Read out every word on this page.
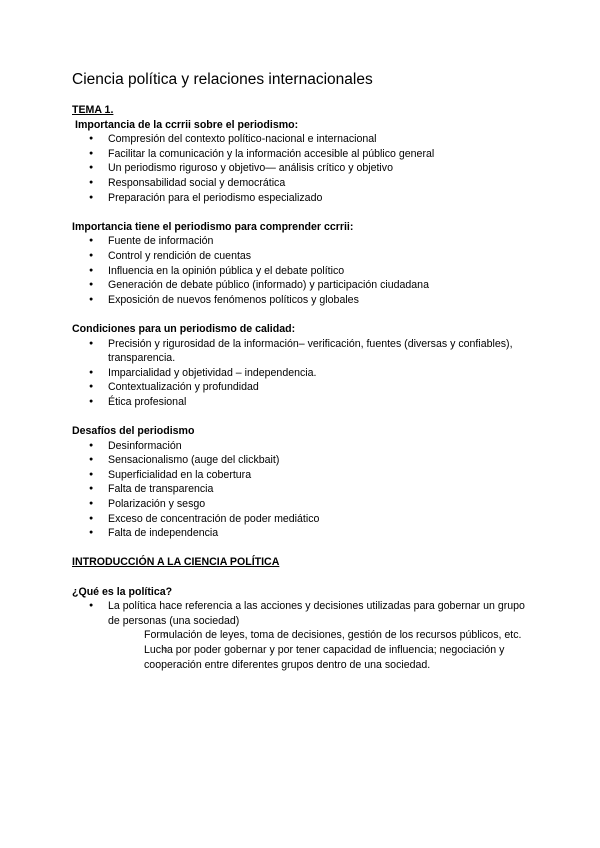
Ciencia política y relaciones internacionales

TEMA 1.

Importancia de la ccrrii sobre el periodismo:

● Compresión del contexto político-nacional e internacional
● Facilitar la comunicación y la información accesible al público general
● Un periodismo riguroso y objetivo— análisis crítico y objetivo
● Responsabilidad social y democrática
● Preparación para el periodismo especializado

Importancia tiene el periodismo para comprender ccrrii:

● Fuente de información
● Control y rendición de cuentas
● Influencia en la opinión pública y el debate político
● Generación de debate público (informado) y participación ciudadana
● Exposición de nuevos fenómenos políticos y globales

Condiciones para un periodismo de calidad:

● Precisión y rigurosidad de la información– verificación, fuentes (diversas y confiables), transparencia.
● Imparcialidad y objetividad – independencia.
● Contextualización y profundidad
● Ética profesional

Desafíos del periodismo

● Desinformación
● Sensacionalismo (auge del clickbait)
● Superficialidad en la cobertura
● Falta de transparencia
● Polarización y sesgo
● Exceso de concentración de poder mediático
● Falta de independencia

INTRODUCCIÓN A LA CIENCIA POLÍTICA

¿Qué es la política?

● La política hace referencia a las acciones y decisiones utilizadas para gobernar un grupo de personas (una sociedad)
○ Formulación de leyes, toma de decisiones, gestión de los recursos públicos, etc.
○ Lucha por poder gobernar y por tener capacidad de influencia; negociación y cooperación entre diferentes grupos dentro de una sociedad.
